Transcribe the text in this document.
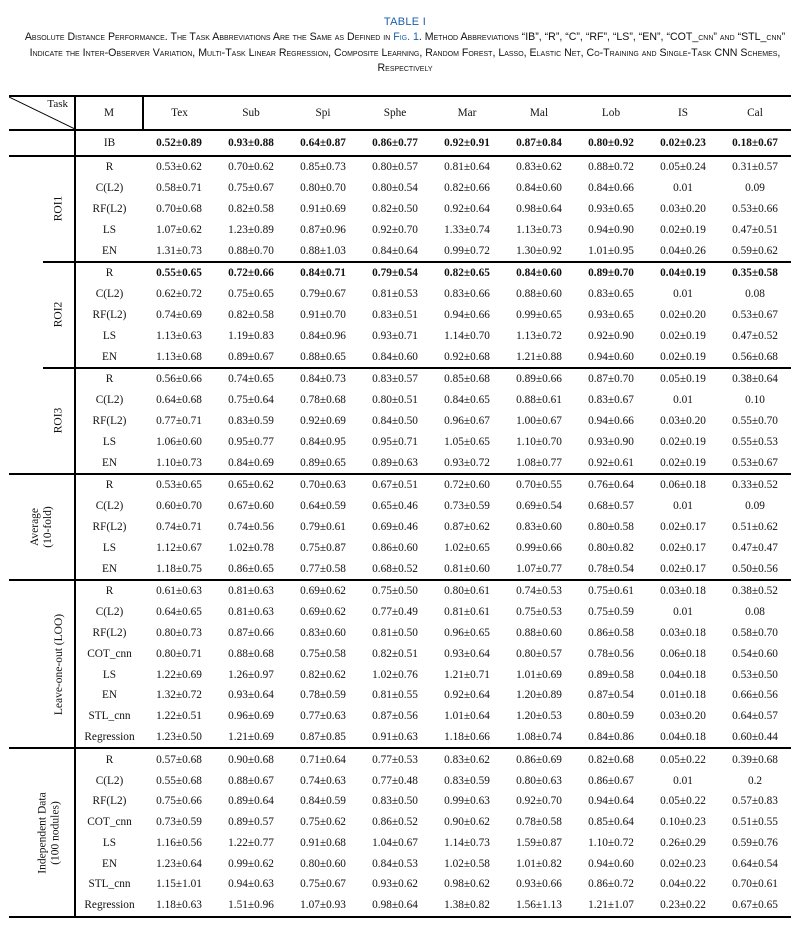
TABLE I
Absolute Distance Performance. The Task Abbreviations Are the Same as Defined in Fig. 1. Method Abbreviations “IB”, “R”, “C”, “RF”, “LS”, “EN”, “COT_cnn” and “STL_cnn” Indicate the Inter-Observer Variation, Multi-Task Linear Regression, Composite Learning, Random Forest, Lasso, Elastic Net, Co-Training and Single-Task CNN Schemes, Respectively
Task		M	Tex	Sub	Spi	Sphe	Mar	Mal	Lob	IS	Cal
		IB	0.52±0.89	0.93±0.88	0.64±0.87	0.86±0.77	0.92±0.91	0.87±0.84	0.80±0.92	0.02±0.23	0.18±0.67

	ROI1	R	0.53±0.62	0.70±0.62	0.85±0.73	0.80±0.57	0.81±0.64	0.83±0.62	0.88±0.72	0.05±0.24	0.31±0.57
		C(L2)	0.58±0.71	0.75±0.67	0.80±0.70	0.80±0.54	0.82±0.66	0.84±0.60	0.84±0.66	0.01	0.09
		RF(L2)	0.70±0.68	0.82±0.58	0.91±0.69	0.82±0.50	0.92±0.64	0.98±0.64	0.93±0.65	0.03±0.20	0.53±0.66
		LS	1.07±0.62	1.23±0.89	0.87±0.96	0.92±0.70	1.33±0.74	1.13±0.73	0.94±0.90	0.02±0.19	0.47±0.51
		EN	1.31±0.73	0.88±0.70	0.88±1.03	0.84±0.64	0.99±0.72	1.30±0.92	1.01±0.95	0.04±0.26	0.59±0.62
	ROI2	R	0.55±0.65	0.72±0.66	0.84±0.71	0.79±0.54	0.82±0.65	0.84±0.60	0.89±0.70	0.04±0.19	0.35±0.58
		C(L2)	0.62±0.72	0.75±0.65	0.79±0.67	0.81±0.53	0.83±0.66	0.88±0.60	0.83±0.65	0.01	0.08
		RF(L2)	0.74±0.69	0.82±0.58	0.91±0.70	0.83±0.51	0.94±0.66	0.99±0.65	0.93±0.65	0.02±0.20	0.53±0.67
		LS	1.13±0.63	1.19±0.83	0.84±0.96	0.93±0.71	1.14±0.70	1.13±0.72	0.92±0.90	0.02±0.19	0.47±0.52
		EN	1.13±0.68	0.89±0.67	0.88±0.65	0.84±0.60	0.92±0.68	1.21±0.88	0.94±0.60	0.02±0.19	0.56±0.68
	ROI3	R	0.56±0.66	0.74±0.65	0.84±0.73	0.83±0.57	0.85±0.68	0.89±0.66	0.87±0.70	0.05±0.19	0.38±0.64
		C(L2)	0.64±0.68	0.75±0.64	0.78±0.68	0.80±0.51	0.84±0.65	0.88±0.61	0.83±0.67	0.01	0.10
		RF(L2)	0.77±0.71	0.83±0.59	0.92±0.69	0.84±0.50	0.96±0.67	1.00±0.67	0.94±0.66	0.03±0.20	0.55±0.70
		LS	1.06±0.60	0.95±0.77	0.84±0.95	0.95±0.71	1.05±0.65	1.10±0.70	0.93±0.90	0.02±0.19	0.55±0.53
		EN	1.10±0.73	0.84±0.69	0.89±0.65	0.89±0.63	0.93±0.72	1.08±0.77	0.92±0.61	0.02±0.19	0.53±0.67

Average (10-fold)		R	0.53±0.65	0.65±0.62	0.70±0.63	0.67±0.51	0.72±0.60	0.70±0.55	0.76±0.64	0.06±0.18	0.33±0.52
		C(L2)	0.60±0.70	0.67±0.60	0.64±0.59	0.65±0.46	0.73±0.59	0.69±0.54	0.68±0.57	0.01	0.09
		RF(L2)	0.74±0.71	0.74±0.56	0.79±0.61	0.69±0.46	0.87±0.62	0.83±0.60	0.80±0.58	0.02±0.17	0.51±0.62
		LS	1.12±0.67	1.02±0.78	0.75±0.87	0.86±0.60	1.02±0.65	0.99±0.66	0.80±0.82	0.02±0.17	0.47±0.47
		EN	1.18±0.75	0.86±0.65	0.77±0.58	0.68±0.52	0.81±0.60	1.07±0.77	0.78±0.54	0.02±0.17	0.50±0.56

Leave-one-out (LOO)		R	0.61±0.63	0.81±0.63	0.69±0.62	0.75±0.50	0.80±0.61	0.74±0.53	0.75±0.61	0.03±0.18	0.38±0.52
		C(L2)	0.64±0.65	0.81±0.63	0.69±0.62	0.77±0.49	0.81±0.61	0.75±0.53	0.75±0.59	0.01	0.08
		RF(L2)	0.80±0.73	0.87±0.66	0.83±0.60	0.81±0.50	0.96±0.65	0.88±0.60	0.86±0.58	0.03±0.18	0.58±0.70
		COT_cnn	0.80±0.71	0.88±0.68	0.75±0.58	0.82±0.51	0.93±0.64	0.80±0.57	0.78±0.56	0.06±0.18	0.54±0.60
		LS	1.22±0.69	1.26±0.97	0.82±0.62	1.02±0.76	1.21±0.71	1.01±0.69	0.89±0.58	0.04±0.18	0.53±0.50
		EN	1.32±0.72	0.93±0.64	0.78±0.59	0.81±0.55	0.92±0.64	1.20±0.89	0.87±0.54	0.01±0.18	0.66±0.56
		STL_cnn	1.22±0.51	0.96±0.69	0.77±0.63	0.87±0.56	1.01±0.64	1.20±0.53	0.80±0.59	0.03±0.20	0.64±0.57
		Regression	1.23±0.50	1.21±0.69	0.87±0.85	0.91±0.63	1.18±0.66	1.08±0.74	0.84±0.86	0.04±0.18	0.60±0.44

Independent Data (100 nodules)		R	0.57±0.68	0.90±0.68	0.71±0.64	0.77±0.53	0.83±0.62	0.86±0.69	0.82±0.68	0.05±0.22	0.39±0.68
		C(L2)	0.55±0.68	0.88±0.67	0.74±0.63	0.77±0.48	0.83±0.59	0.80±0.63	0.86±0.67	0.01	0.2
		RF(L2)	0.75±0.66	0.89±0.64	0.84±0.59	0.83±0.50	0.99±0.63	0.92±0.70	0.94±0.64	0.05±0.22	0.57±0.83
		COT_cnn	0.73±0.59	0.89±0.57	0.75±0.62	0.86±0.52	0.90±0.62	0.78±0.58	0.85±0.64	0.10±0.23	0.51±0.55
		LS	1.16±0.56	1.22±0.77	0.91±0.68	1.04±0.67	1.14±0.73	1.59±0.87	1.10±0.72	0.26±0.29	0.59±0.76
		EN	1.23±0.64	0.99±0.62	0.80±0.60	0.84±0.53	1.02±0.58	1.01±0.82	0.94±0.60	0.02±0.23	0.64±0.54
		STL_cnn	1.15±1.01	0.94±0.63	0.75±0.67	0.93±0.62	0.98±0.62	0.93±0.66	0.86±0.72	0.04±0.22	0.70±0.61
		Regression	1.18±0.63	1.51±0.96	1.07±0.93	0.98±0.64	1.38±0.82	1.56±1.13	1.21±1.07	0.23±0.22	0.67±0.65
